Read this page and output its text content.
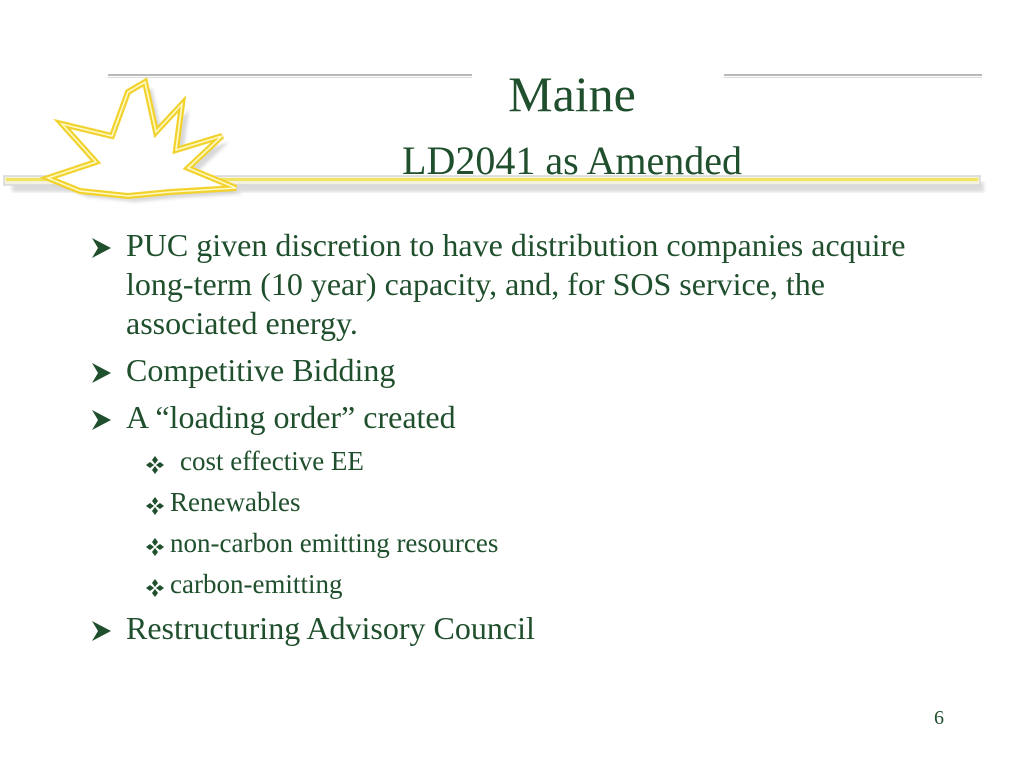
Maine
LD2041 as Amended
PUC given discretion to have distribution companies acquire long-term (10 year) capacity, and, for SOS service, the associated energy.
Competitive Bidding
A “loading order” created
cost effective EE
Renewables
non-carbon emitting resources
carbon-emitting
Restructuring Advisory Council
6
